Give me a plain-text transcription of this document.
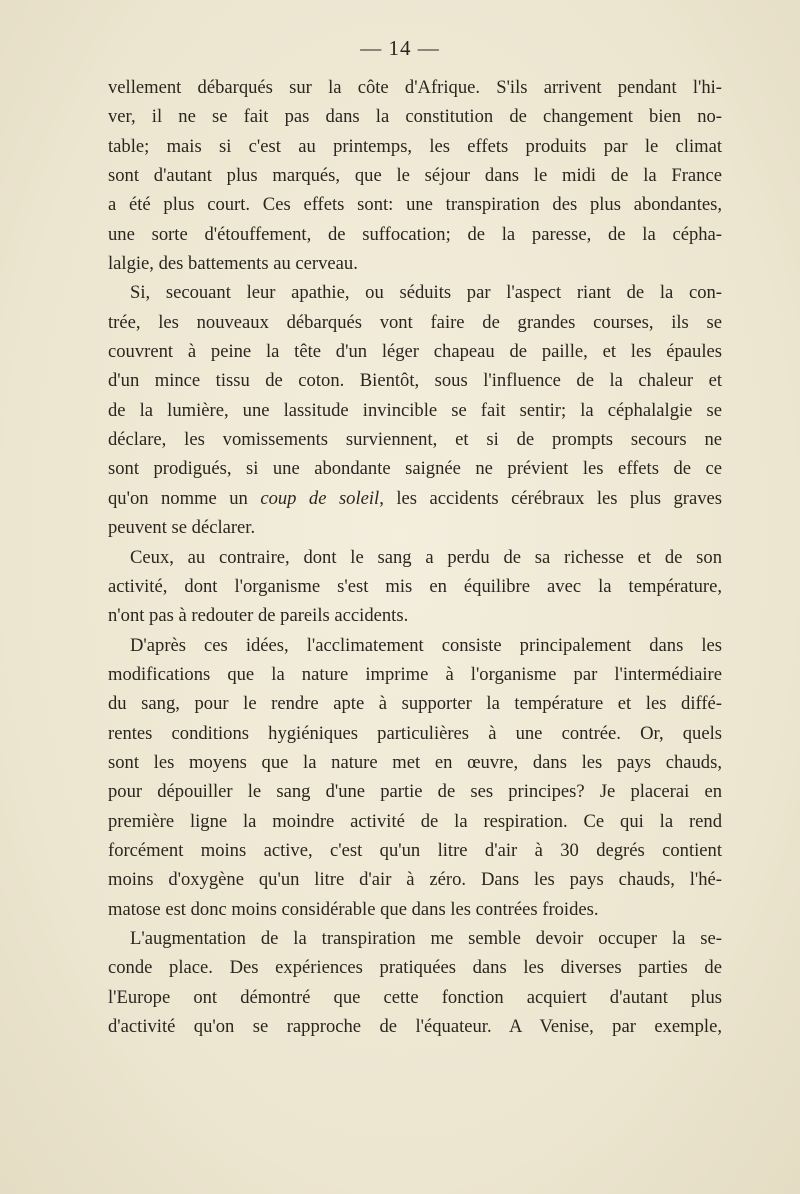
— 14 —
vellement débarqués sur la côte d'Afrique. S'ils arrivent pendant l'hi-
ver, il ne se fait pas dans la constitution de changement bien no-
table; mais si c'est au printemps, les effets produits par le climat
sont d'autant plus marqués, que le séjour dans le midi de la France
a été plus court. Ces effets sont: une transpiration des plus abondantes,
une sorte d'étouffement, de suffocation; de la paresse, de la cépha-
lalgie, des battements au cerveau.
Si, secouant leur apathie, ou séduits par l'aspect riant de la con-
trée, les nouveaux débarqués vont faire de grandes courses, ils se
couvrent à peine la tête d'un léger chapeau de paille, et les épaules
d'un mince tissu de coton. Bientôt, sous l'influence de la chaleur et
de la lumière, une lassitude invincible se fait sentir; la céphalalgie se
déclare, les vomissements surviennent, et si de prompts secours ne
sont prodigués, si une abondante saignée ne prévient les effets de ce
qu'on nomme un coup de soleil, les accidents cérébraux les plus graves
peuvent se déclarer.
Ceux, au contraire, dont le sang a perdu de sa richesse et de son
activité, dont l'organisme s'est mis en équilibre avec la température,
n'ont pas à redouter de pareils accidents.
D'après ces idées, l'acclimatement consiste principalement dans les
modifications que la nature imprime à l'organisme par l'intermédiaire
du sang, pour le rendre apte à supporter la température et les diffé-
rentes conditions hygiéniques particulières à une contrée. Or, quels
sont les moyens que la nature met en œuvre, dans les pays chauds,
pour dépouiller le sang d'une partie de ses principes? Je placerai en
première ligne la moindre activité de la respiration. Ce qui la rend
forcément moins active, c'est qu'un litre d'air à 30 degrés contient
moins d'oxygène qu'un litre d'air à zéro. Dans les pays chauds, l'hé-
matose est donc moins considérable que dans les contrées froides.
L'augmentation de la transpiration me semble devoir occuper la se-
conde place. Des expériences pratiquées dans les diverses parties de
l'Europe ont démontré que cette fonction acquiert d'autant plus
d'activité qu'on se rapproche de l'équateur. A Venise, par exemple,
